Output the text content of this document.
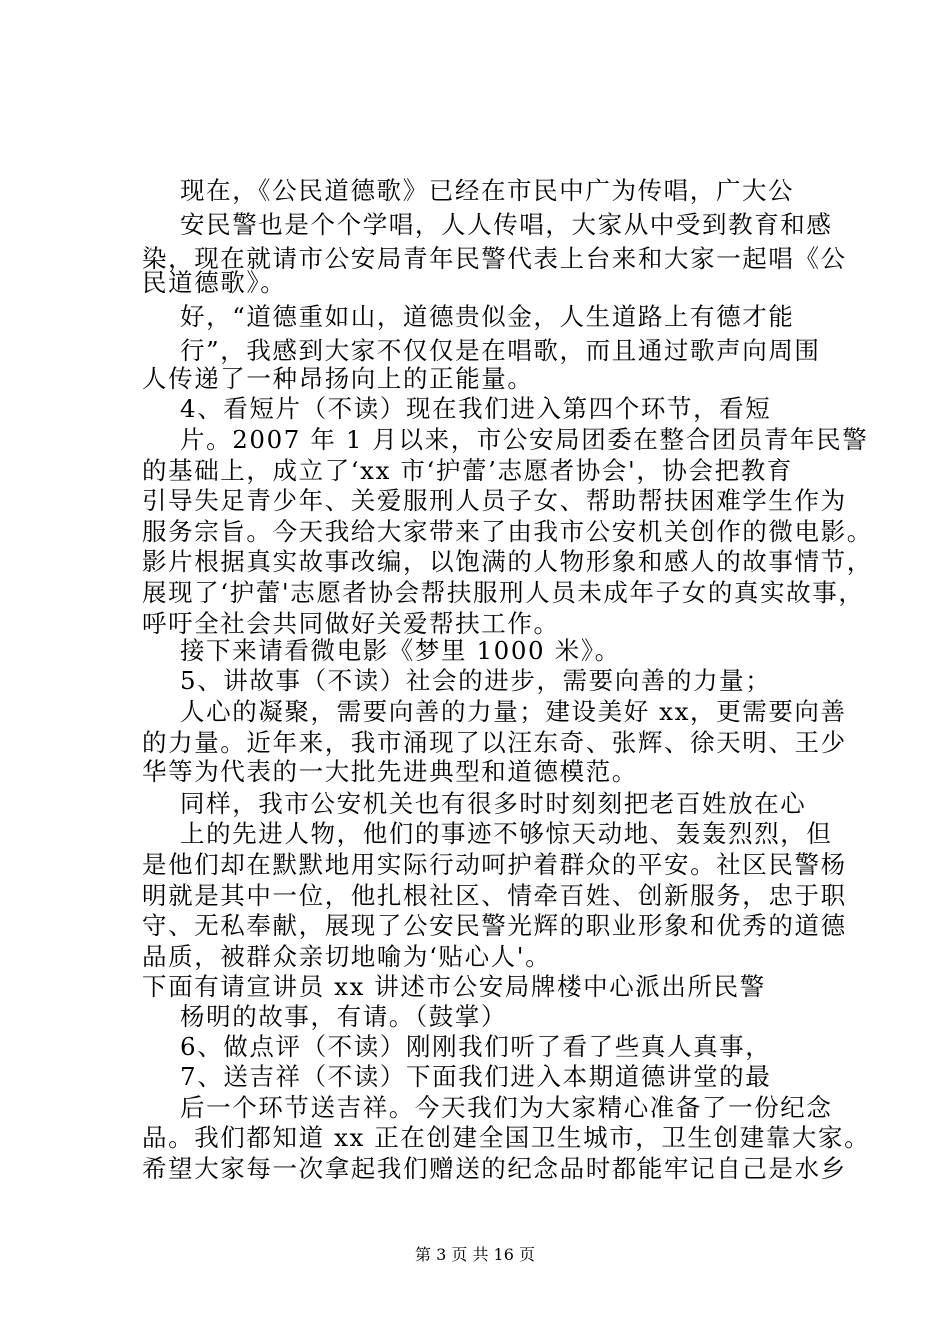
现在，《公民道德歌》已经在市民中广为传唱，广大公
安民警也是个个学唱，人人传唱，大家从中受到教育和感
染，现在就请市公安局青年民警代表上台来和大家一起唱《公
民道德歌》。
好，“道德重如山，道德贵似金，人生道路上有德才能
行”，我感到大家不仅仅是在唱歌，而且通过歌声向周围
人传递了一种昂扬向上的正能量。
4、看短片（不读）现在我们进入第四个环节，看短
片。2007 年 1 月以来，市公安局团委在整合团员青年民警
的基础上，成立了‘xx 市‘护蕾’志愿者协会'，协会把教育
引导失足青少年、关爱服刑人员子女、帮助帮扶困难学生作为
服务宗旨。今天我给大家带来了由我市公安机关创作的微电影。
影片根据真实故事改编，以饱满的人物形象和感人的故事情节，
展现了‘护蕾'志愿者协会帮扶服刑人员未成年子女的真实故事，
呼吁全社会共同做好关爱帮扶工作。
接下来请看微电影《梦里 1000 米》。
5、讲故事（不读）社会的进步，需要向善的力量；
人心的凝聚，需要向善的力量；建设美好 xx，更需要向善
的力量。近年来，我市涌现了以汪东奇、张辉、徐天明、王少
华等为代表的一大批先进典型和道德模范。
同样，我市公安机关也有很多时时刻刻把老百姓放在心
上的先进人物，他们的事迹不够惊天动地、轰轰烈烈，但
是他们却在默默地用实际行动呵护着群众的平安。社区民警杨
明就是其中一位，他扎根社区、情牵百姓、创新服务，忠于职
守、无私奉献，展现了公安民警光辉的职业形象和优秀的道德
品质，被群众亲切地喻为‘贴心人'。
下面有请宣讲员 xx 讲述市公安局牌楼中心派出所民警
杨明的故事，有请。（鼓掌）
6、做点评（不读）刚刚我们听了看了些真人真事，
7、送吉祥（不读）下面我们进入本期道德讲堂的最
后一个环节送吉祥。今天我们为大家精心准备了一份纪念
品。我们都知道 xx 正在创建全国卫生城市，卫生创建靠大家。
希望大家每一次拿起我们赠送的纪念品时都能牢记自己是水乡
第 3 页 共 16 页
